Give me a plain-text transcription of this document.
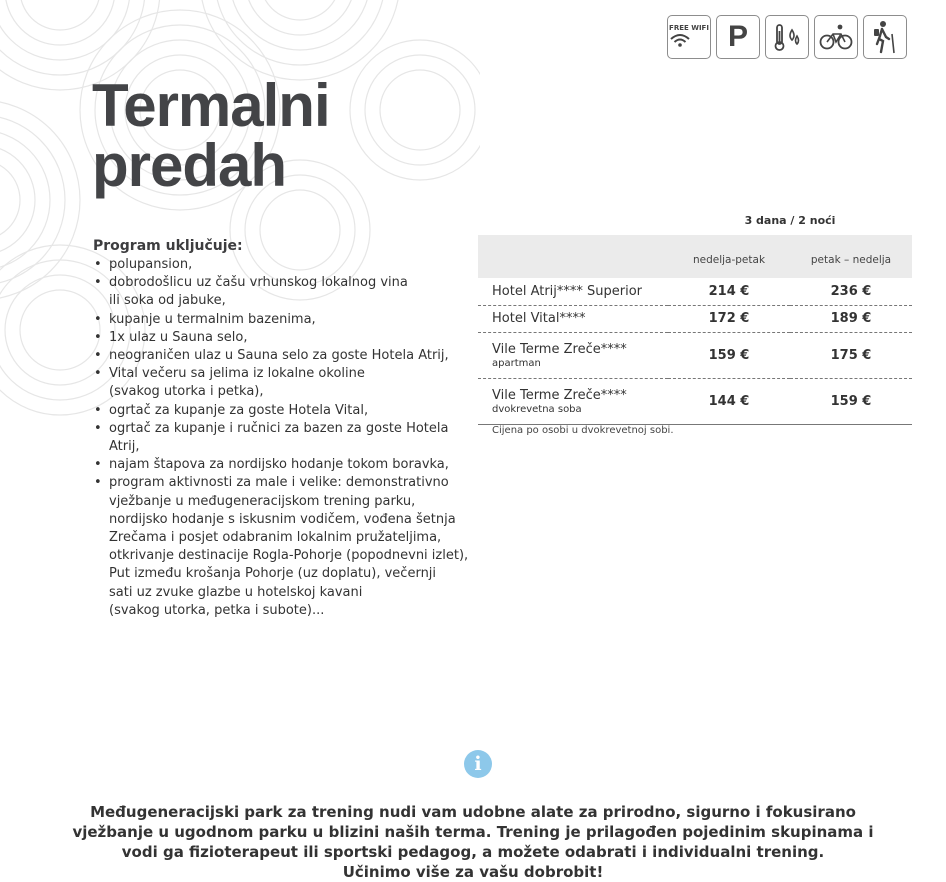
FREE WIFI P
Termalni
predah
Program uključuje:
• polupansion,
• dobrodošlicu uz čašu vrhunskog lokalnog vina
ili soka od jabuke,
• kupanje u termalnim bazenima,
• 1x ulaz u Sauna selo,
• neograničen ulaz u Sauna selo za goste Hotela Atrij,
• Vital večeru sa jelima iz lokalne okoline
(svakog utorka i petka),
• ogrtač za kupanje za goste Hotela Vital,
• ogrtač za kupanje i ručnici za bazen za goste Hotela Atrij,
• najam štapova za nordijsko hodanje tokom boravka,
• program aktivnosti za male i velike: demonstrativno
vježbanje u međugeneracijskom trening parku,
nordijsko hodanje s iskusnim vodičem, vođena šetnja
Zrečama i posjet odabranim lokalnim pružateljima,
otkrivanje destinacije Rogla-Pohorje (popodnevni izlet),
Put između krošanja Pohorje (uz doplatu), večernji
sati uz zvuke glazbe u hotelskoj kavani
(svakog utorka, petka i subote)...
3 dana / 2 noći
	nedelja-petak	petak – nedelja
Hotel Atrij**** Superior	214 €	236 €
Hotel Vital****	172 €	189 €
Vile Terme Zreče****
apartman	159 €	175 €
Vile Terme Zreče****
dvokrevetna soba	144 €	159 €
Cijena po osobi u dvokrevetnoj sobi.
i
Međugeneracijski park za trening nudi vam udobne alate za prirodno, sigurno i fokusirano
vježbanje u ugodnom parku u blizini naših terma. Trening je prilagođen pojedinim skupinama i
vodi ga fizioterapeut ili sportski pedagog, a možete odabrati i individualni trening.
Učinimo više za vašu dobrobit!
